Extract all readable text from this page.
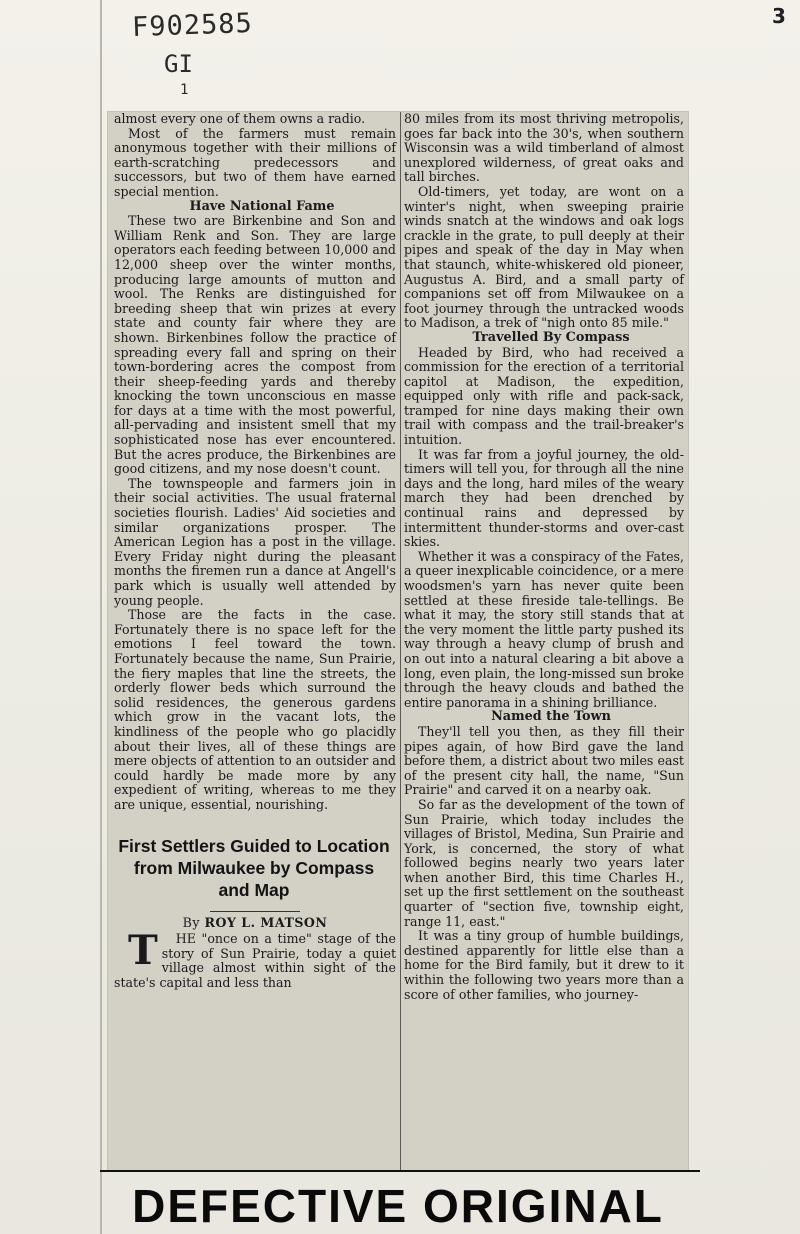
F902585
GI
1
3

almost every one of them owns a radio.

Most of the farmers must remain anonymous together with their millions of earth-scratching predecessors and successors, but two of them have earned special mention.

Have National Fame

These two are Birkenbine and Son and William Renk and Son. They are large operators each feeding between 10,000 and 12,000 sheep over the winter months, producing large amounts of mutton and wool. The Renks are distinguished for breeding sheep that win prizes at every state and county fair where they are shown. Birkenbines follow the practice of spreading every fall and spring on their town-bordering acres the compost from their sheep-feeding yards and thereby knocking the town unconscious en masse for days at a time with the most powerful, all-pervading and insistent smell that my sophisticated nose has ever encountered. But the acres produce, the Birkenbines are good citizens, and my nose doesn't count.

The townspeople and farmers join in their social activities. The usual fraternal societies flourish. Ladies' Aid societies and similar organizations prosper. The American Legion has a post in the village. Every Friday night during the pleasant months the firemen run a dance at Angell's park which is usually well attended by young people.

Those are the facts in the case. Fortunately there is no space left for the emotions I feel toward the town. Fortunately because the name, Sun Prairie, the fiery maples that line the streets, the orderly flower beds which surround the solid residences, the generous gardens which grow in the vacant lots, the kindliness of the people who go placidly about their lives, all of these things are mere objects of attention to an outsider and could hardly be made more by any expedient of writing, whereas to me they are unique, essential, nourishing.

First Settlers Guided to Location from Milwaukee by Compass and Map
By ROY L. MATSON

T HE "once on a time" stage of the story of Sun Prairie, today a quiet village almost within sight of the state's capital and less than

80 miles from its most thriving metropolis, goes far back into the 30's, when southern Wisconsin was a wild timberland of almost unexplored wilderness, of great oaks and tall birches.

Old-timers, yet today, are wont on a winter's night, when sweeping prairie winds snatch at the windows and oak logs crackle in the grate, to pull deeply at their pipes and speak of the day in May when that staunch, white-whiskered old pioneer, Augustus A. Bird, and a small party of companions set off from Milwaukee on a foot journey through the untracked woods to Madison, a trek of "nigh onto 85 mile."

Travelled By Compass

Headed by Bird, who had received a commission for the erection of a territorial capitol at Madison, the expedition, equipped only with rifle and pack-sack, tramped for nine days making their own trail with compass and the trail-breaker's intuition.

It was far from a joyful journey, the old-timers will tell you, for through all the nine days and the long, hard miles of the weary march they had been drenched by continual rains and depressed by intermittent thunder-storms and over-cast skies.

Whether it was a conspiracy of the Fates, a queer inexplicable coincidence, or a mere woodsmen's yarn has never quite been settled at these fireside tale-tellings. Be what it may, the story still stands that at the very moment the little party pushed its way through a heavy clump of brush and on out into a natural clearing a bit above a long, even plain, the long-missed sun broke through the heavy clouds and bathed the entire panorama in a shining brilliance.

Named the Town

They'll tell you then, as they fill their pipes again, of how Bird gave the land before them, a district about two miles east of the present city hall, the name, "Sun Prairie" and carved it on a nearby oak.

So far as the development of the town of Sun Prairie, which today includes the villages of Bristol, Medina, Sun Prairie and York, is concerned, the story of what followed begins nearly two years later when another Bird, this time Charles H., set up the first settlement on the southeast quarter of "section five, township eight, range 11, east."

It was a tiny group of humble buildings, destined apparently for little else than a home for the Bird family, but it drew to it within the following two years more than a score of other families, who journey-

DEFECTIVE ORIGINAL
